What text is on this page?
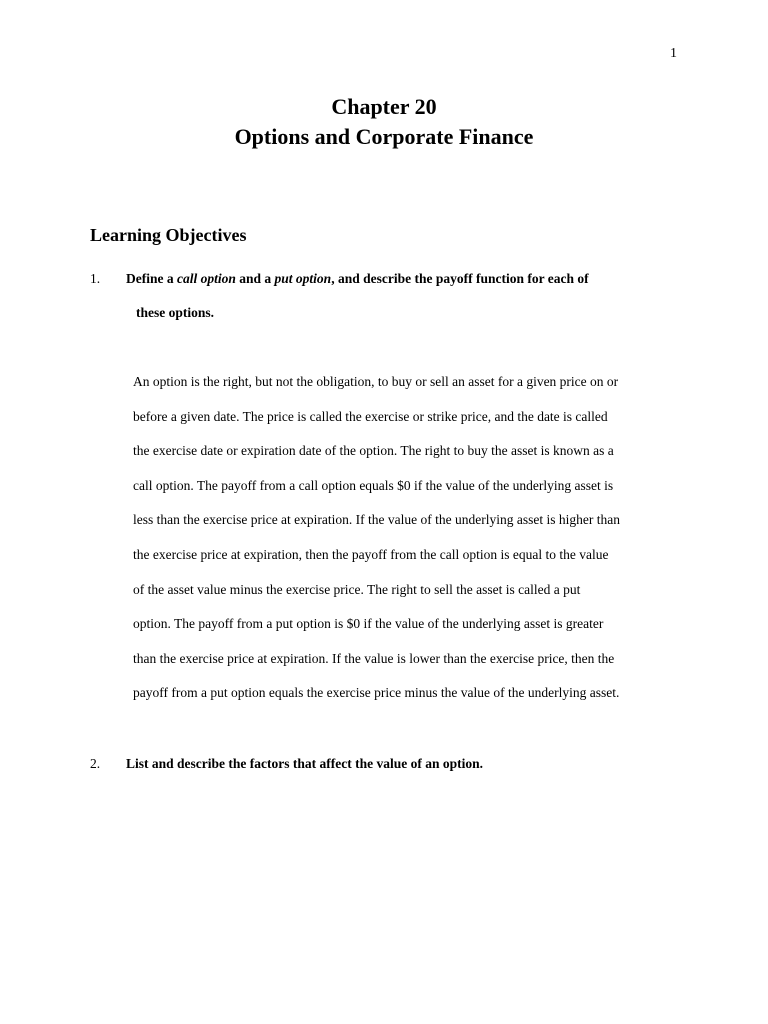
1
Chapter 20
Options and Corporate Finance
Learning Objectives
1. Define a call option and a put option, and describe the payoff function for each of
these options.
An option is the right, but not the obligation, to buy or sell an asset for a given price on or
before a given date. The price is called the exercise or strike price, and the date is called
the exercise date or expiration date of the option. The right to buy the asset is known as a
call option. The payoff from a call option equals $0 if the value of the underlying asset is
less than the exercise price at expiration. If the value of the underlying asset is higher than
the exercise price at expiration, then the payoff from the call option is equal to the value
of the asset value minus the exercise price. The right to sell the asset is called a put
option. The payoff from a put option is $0 if the value of the underlying asset is greater
than the exercise price at expiration. If the value is lower than the exercise price, then the
payoff from a put option equals the exercise price minus the value of the underlying asset.
2. List and describe the factors that affect the value of an option.
